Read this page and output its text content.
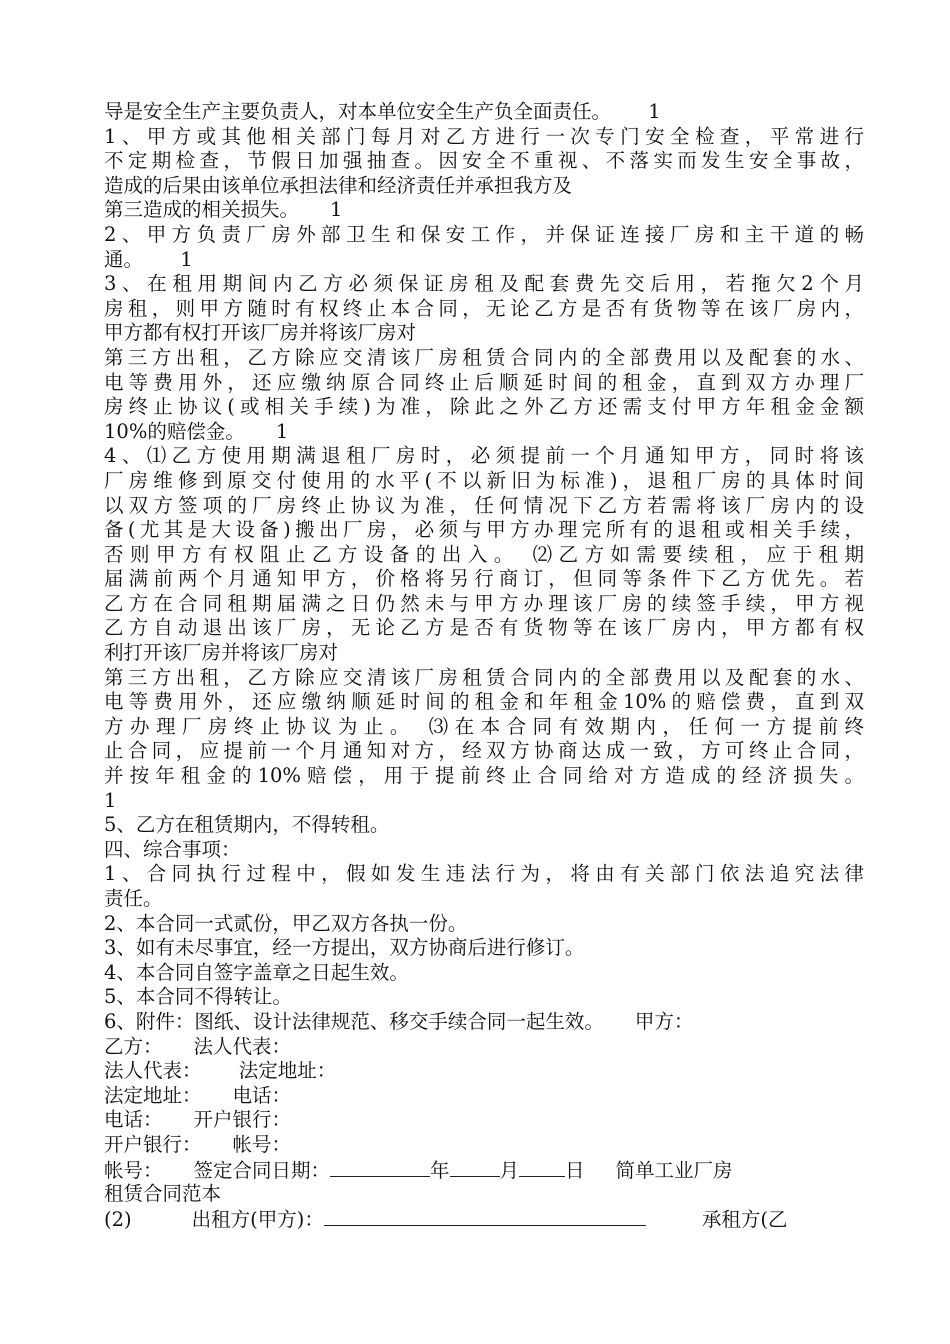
导是安全生产主要负责人，对本单位安全生产负全面责任。      1
1、甲方或其他相关部门每月对乙方进行一次专门安全检查，平常进行
不定期检查，节假日加强抽查。因安全不重视、不落实而发生安全事故，
造成的后果由该单位承担法律和经济责任并承担我方及
第三造成的相关损失。     1
2、甲方负责厂房外部卫生和保安工作，并保证连接厂房和主干道的畅
通。      1
3、在租用期间内乙方必须保证房租及配套费先交后用，若拖欠2个月
房租，则甲方随时有权终止本合同，无论乙方是否有货物等在该厂房内，
甲方都有权打开该厂房并将该厂房对
第三方出租，乙方除应交清该厂房租赁合同内的全部费用以及配套的水、
电等费用外，还应缴纳原合同终止后顺延时间的租金，直到双方办理厂
房终止协议(或相关手续)为准，除此之外乙方还需支付甲方年租金金额
10%的赔偿金。     1
4、⑴乙方使用期满退租厂房时，必须提前一个月通知甲方，同时将该
厂房维修到原交付使用的水平(不以新旧为标准)，退租厂房的具体时间
以双方签项的厂房终止协议为准，任何情况下乙方若需将该厂房内的设
备(尤其是大设备)搬出厂房，必须与甲方办理完所有的退租或相关手续，
否则甲方有权阻止乙方设备的出入。 ⑵乙方如需要续租，应于租期
届满前两个月通知甲方，价格将另行商订，但同等条件下乙方优先。若
乙方在合同租期届满之日仍然未与甲方办理该厂房的续签手续，甲方视
乙方自动退出该厂房，无论乙方是否有货物等在该厂房内，甲方都有权
利打开该厂房并将该厂房对
第三方出租，乙方除应交清该厂房租赁合同内的全部费用以及配套的水、
电等费用外，还应缴纳顺延时间的租金和年租金10%的赔偿费，直到双
方办理厂房终止协议为止。 ⑶在本合同有效期内，任何一方提前终
止合同，应提前一个月通知对方，经双方协商达成一致，方可终止合同，
并按年租金的10%赔偿，用于提前终止合同给对方造成的经济损失。
1
5、乙方在租赁期内，不得转租。
四、综合事项：
1、合同执行过程中，假如发生违法行为，将由有关部门依法追究法律
责任。
2、本合同一式贰份，甲乙双方各执一份。
3、如有未尽事宜，经一方提出，双方协商后进行修订。
4、本合同自签字盖章之日起生效。
5、本合同不得转让。
6、附件：图纸、设计法律规范、移交手续合同一起生效。     甲方：
乙方：     法人代表：
法人代表：      法定地址：
法定地址：     电话：
电话：     开户银行：
开户银行：     帐号：
帐号：     签定合同日期：	年	月 日     简单工业厂房
租赁合同范本
(2)	出租方(甲方)：	承租方(乙
